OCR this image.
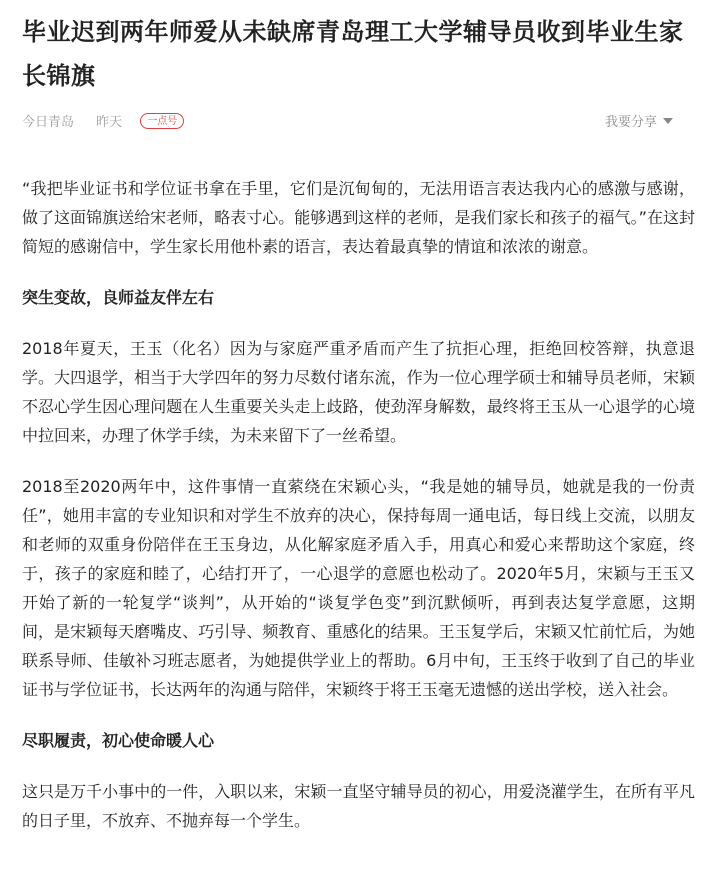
毕业迟到两年师爱从未缺席青岛理工大学辅导员收到毕业生家长锦旗
今日青岛 昨天	一点号	我要分享

“我把毕业证书和学位证书拿在手里，它们是沉甸甸的，无法用语言表达我内心的感激与感谢，做了这面锦旗送给宋老师，略表寸心。能够遇到这样的老师，是我们家长和孩子的福气。”在这封简短的感谢信中，学生家长用他朴素的语言，表达着最真挚的情谊和浓浓的谢意。

突生变故，良师益友伴左右

2018年夏天，王玉（化名）因为与家庭严重矛盾而产生了抗拒心理，拒绝回校答辩，执意退学。大四退学，相当于大学四年的努力尽数付诸东流，作为一位心理学硕士和辅导员老师，宋颖不忍心学生因心理问题在人生重要关头走上歧路，使劲浑身解数，最终将王玉从一心退学的心境中拉回来，办理了休学手续，为未来留下了一丝希望。

2018至2020两年中，这件事情一直萦绕在宋颖心头，“我是她的辅导员，她就是我的一份责任”，她用丰富的专业知识和对学生不放弃的决心，保持每周一通电话，每日线上交流，以朋友和老师的双重身份陪伴在王玉身边，从化解家庭矛盾入手，用真心和爱心来帮助这个家庭，终于，孩子的家庭和睦了，心结打开了，一心退学的意愿也松动了。2020年5月，宋颖与王玉又开始了新的一轮复学“谈判”，从开始的“谈复学色变”到沉默倾听，再到表达复学意愿，这期间，是宋颖每天磨嘴皮、巧引导、频教育、重感化的结果。王玉复学后，宋颖又忙前忙后，为她联系导师、佳敏补习班志愿者，为她提供学业上的帮助。6月中旬，王玉终于收到了自己的毕业证书与学位证书，长达两年的沟通与陪伴，宋颖终于将王玉毫无遗憾的送出学校，送入社会。

尽职履责，初心使命暖人心

这只是万千小事中的一件，入职以来，宋颖一直坚守辅导员的初心，用爱浇灌学生，在所有平凡的日子里，不放弃、不抛弃每一个学生。
